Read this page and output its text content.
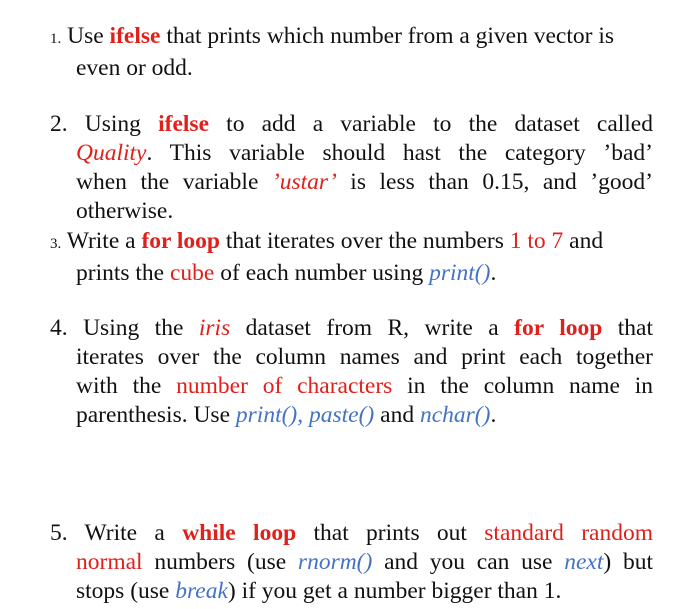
1. Use ifelse that prints which number from a given vector is
even or odd.
2. Using ifelse to add a variable to the dataset called
Quality. This variable should hast the category ’bad’
when the variable ’ustar’ is less than 0.15, and ’good’
otherwise.
3. Write a for loop that iterates over the numbers 1 to 7 and
prints the cube of each number using print().
4. Using the iris dataset from R, write a for loop that
iterates over the column names and print each together
with the number of characters in the column name in
parenthesis. Use print(), paste() and nchar().
5. Write a while loop that prints out standard random
normal numbers (use rnorm() and you can use next) but
stops (use break) if you get a number bigger than 1.
